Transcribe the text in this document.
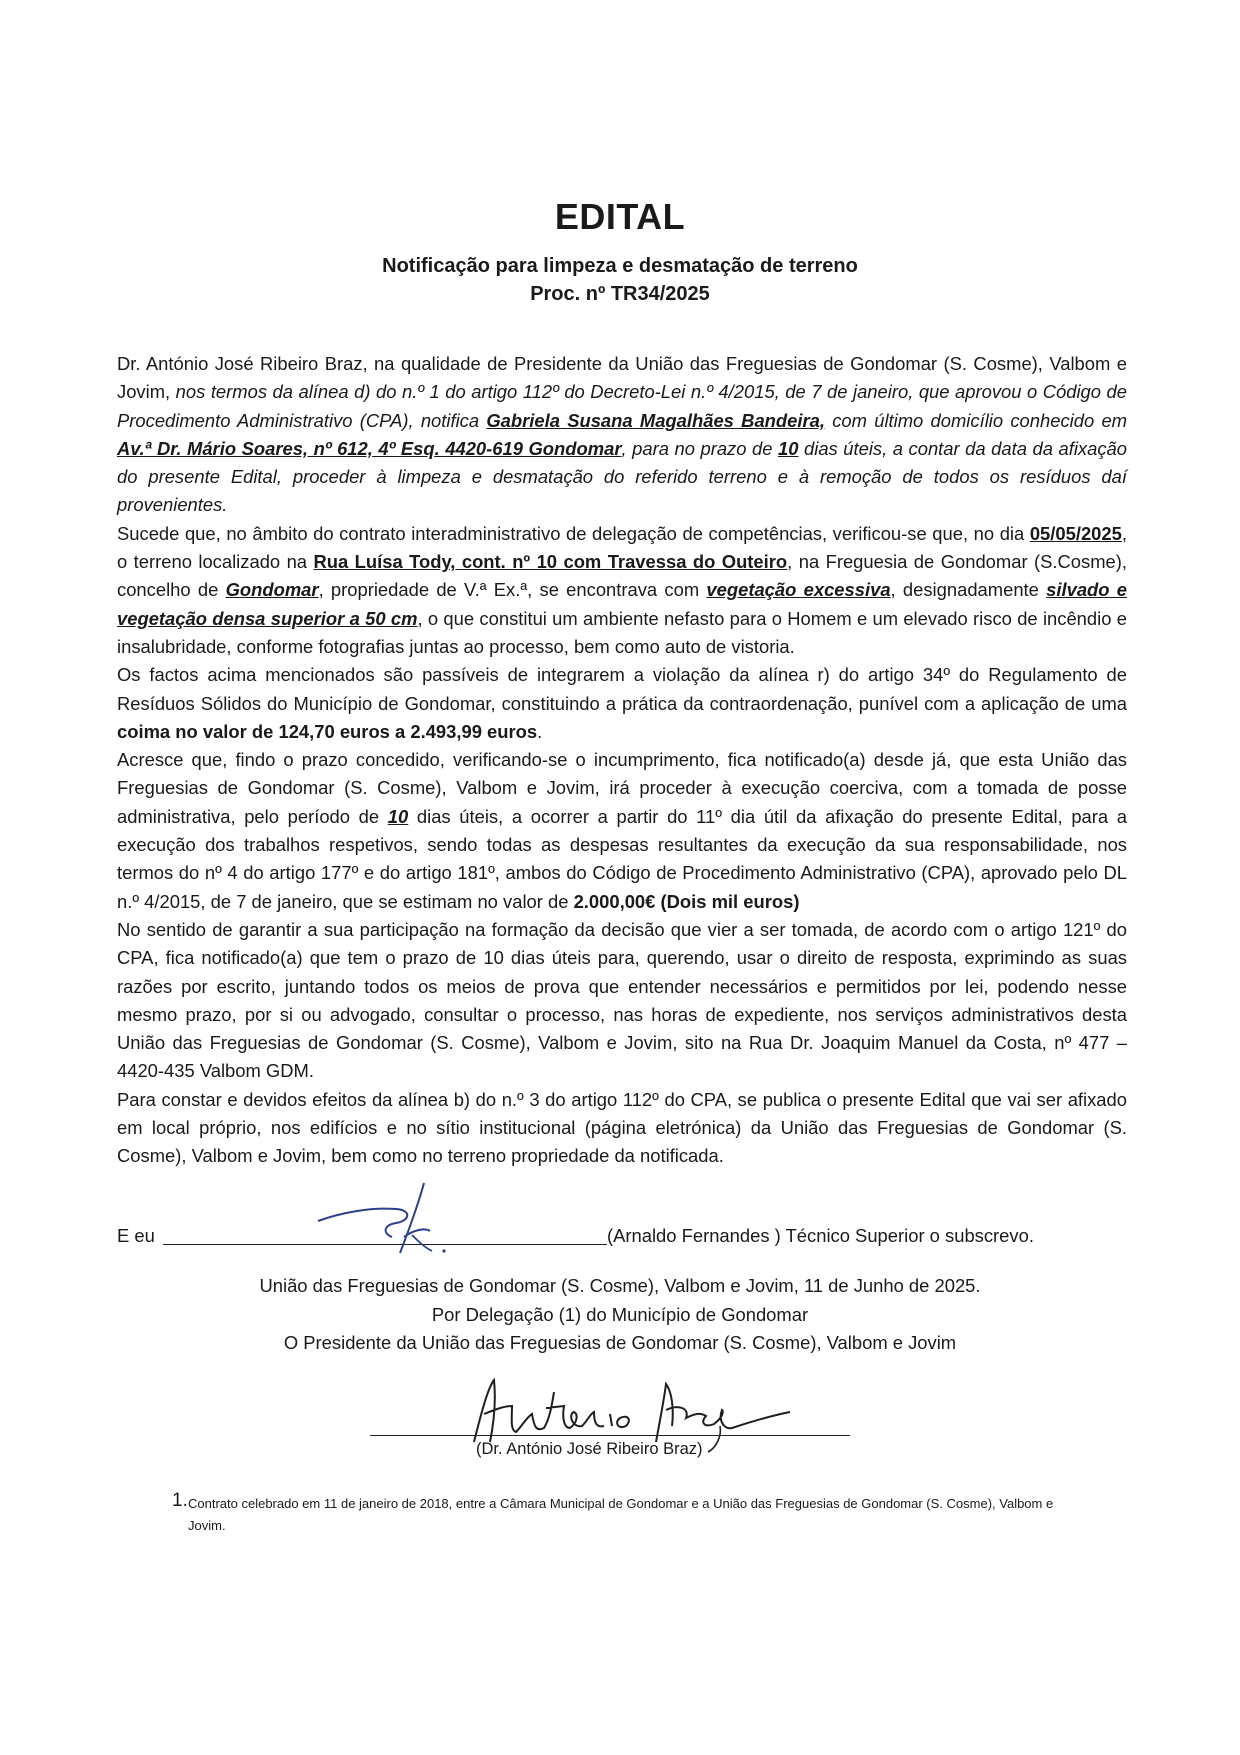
EDITAL
Notificação para limpeza e desmatação de terreno
Proc. nº TR34/2025

Dr. António José Ribeiro Braz, na qualidade de Presidente da União das Freguesias de Gondomar (S. Cosme), Valbom e Jovim, nos termos da alínea d) do n.º 1 do artigo 112º do Decreto-Lei n.º 4/2015, de 7 de janeiro, que aprovou o Código de Procedimento Administrativo (CPA), notifica Gabriela Susana Magalhães Bandeira, com último domicílio conhecido em Av.ª Dr. Mário Soares, nº 612, 4º Esq. 4420-619 Gondomar, para no prazo de 10 dias úteis, a contar da data da afixação do presente Edital, proceder à limpeza e desmatação do referido terreno e à remoção de todos os resíduos daí provenientes.

Sucede que, no âmbito do contrato interadministrativo de delegação de competências, verificou-se que, no dia 05/05/2025, o terreno localizado na Rua Luísa Tody, cont. nº 10 com Travessa do Outeiro, na Freguesia de Gondomar (S.Cosme), concelho de Gondomar, propriedade de V.ª Ex.ª, se encontrava com vegetação excessiva, designadamente silvado e vegetação densa superior a 50 cm, o que constitui um ambiente nefasto para o Homem e um elevado risco de incêndio e insalubridade, conforme fotografias juntas ao processo, bem como auto de vistoria.

Os factos acima mencionados são passíveis de integrarem a violação da alínea r) do artigo 34º do Regulamento de Resíduos Sólidos do Município de Gondomar, constituindo a prática da contraordenação, punível com a aplicação de uma coima no valor de 124,70 euros a 2.493,99 euros.

Acresce que, findo o prazo concedido, verificando-se o incumprimento, fica notificado(a) desde já, que esta União das Freguesias de Gondomar (S. Cosme), Valbom e Jovim, irá proceder à execução coerciva, com a tomada de posse administrativa, pelo período de 10 dias úteis, a ocorrer a partir do 11º dia útil da afixação do presente Edital, para a execução dos trabalhos respetivos, sendo todas as despesas resultantes da execução da sua responsabilidade, nos termos do nº 4 do artigo 177º e do artigo 181º, ambos do Código de Procedimento Administrativo (CPA), aprovado pelo DL n.º 4/2015, de 7 de janeiro, que se estimam no valor de 2.000,00€ (Dois mil euros)

No sentido de garantir a sua participação na formação da decisão que vier a ser tomada, de acordo com o artigo 121º do CPA, fica notificado(a) que tem o prazo de 10 dias úteis para, querendo, usar o direito de resposta, exprimindo as suas razões por escrito, juntando todos os meios de prova que entender necessários e permitidos por lei, podendo nesse mesmo prazo, por si ou advogado, consultar o processo, nas horas de expediente, nos serviços administrativos desta União das Freguesias de Gondomar (S. Cosme), Valbom e Jovim, sito na Rua Dr. Joaquim Manuel da Costa, nº 477 – 4420-435 Valbom GDM.

Para constar e devidos efeitos da alínea b) do n.º 3 do artigo 112º do CPA, se publica o presente Edital que vai ser afixado em local próprio, nos edifícios e no sítio institucional (página eletrónica) da União das Freguesias de Gondomar (S. Cosme), Valbom e Jovim, bem como no terreno propriedade da notificada.

E eu	(Arnaldo Fernandes ) Técnico Superior o subscrevo.
União das Freguesias de Gondomar (S. Cosme), Valbom e Jovim, 11 de Junho de 2025.
Por Delegação (1) do Município de Gondomar
O Presidente da União das Freguesias de Gondomar (S. Cosme), Valbom e Jovim
(Dr. António José Ribeiro Braz)
1. Contrato celebrado em 11 de janeiro de 2018, entre a Câmara Municipal de Gondomar e a União das Freguesias de Gondomar (S. Cosme), Valbom e Jovim.
